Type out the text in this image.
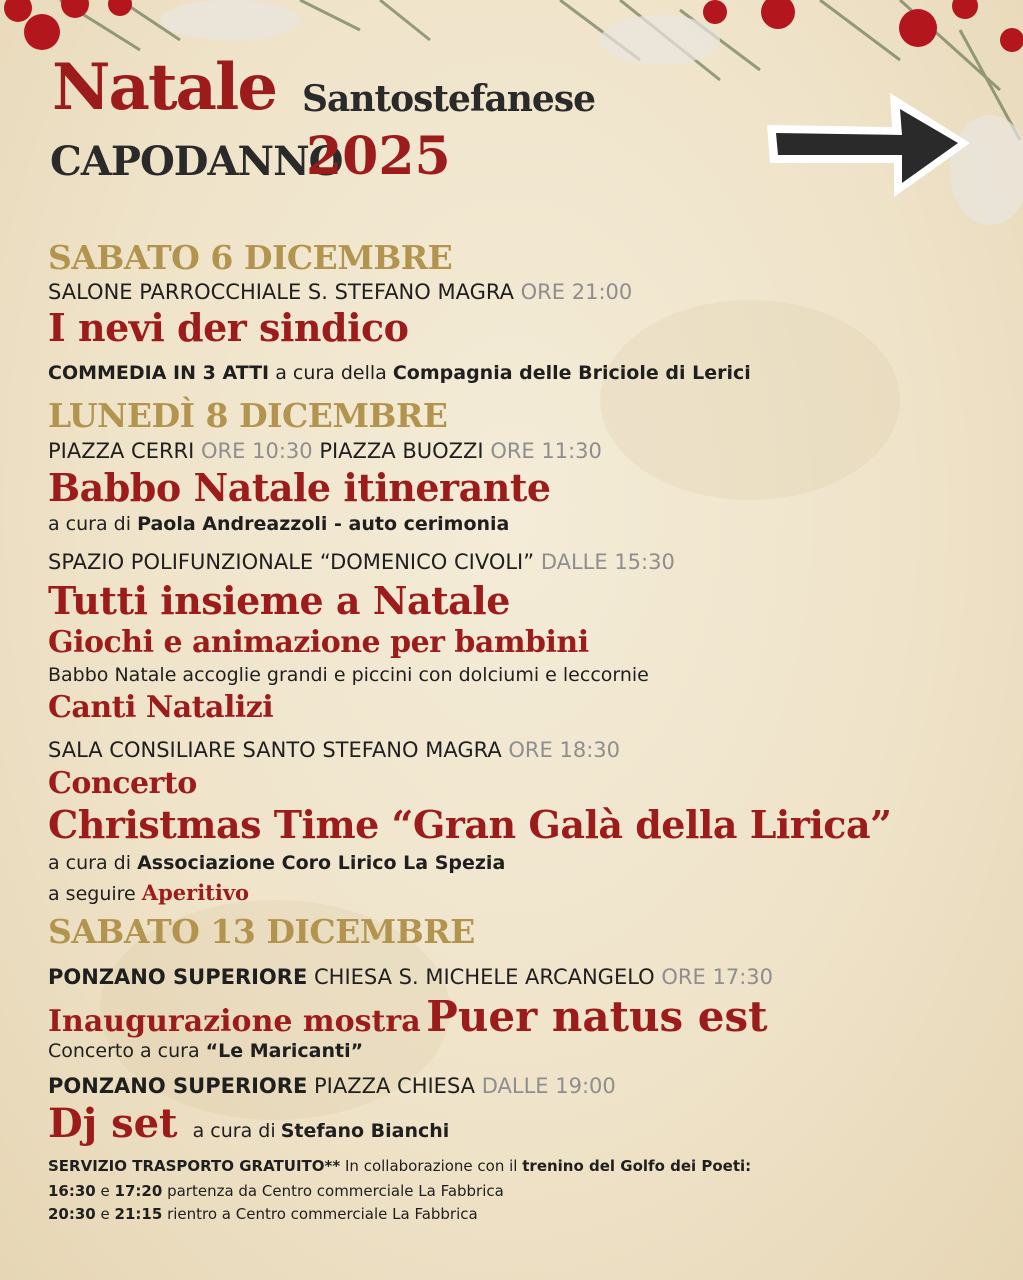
Natale Santostefanese
CAPODANNO
2025
SABATO 6 DICEMBRE
SALONE PARROCCHIALE S. STEFANO MAGRA ORE 21:00
I nevi der sindico
COMMEDIA IN 3 ATTI a cura della Compagnia delle Briciole di Lerici
LUNEDÌ 8 DICEMBRE
PIAZZA CERRI ORE 10:30 PIAZZA BUOZZI ORE 11:30
Babbo Natale itinerante
a cura di Paola Andreazzoli - auto cerimonia
SPAZIO POLIFUNZIONALE “DOMENICO CIVOLI” DALLE 15:30
Tutti insieme a Natale
Giochi e animazione per bambini
Babbo Natale accoglie grandi e piccini con dolciumi e leccornie
Canti Natalizi
SALA CONSILIARE SANTO STEFANO MAGRA ORE 18:30
Concerto
Christmas Time “Gran Galà della Lirica”
a cura di Associazione Coro Lirico La Spezia
a seguire Aperitivo
SABATO 13 DICEMBRE
PONZANO SUPERIORE CHIESA S. MICHELE ARCANGELO ORE 17:30
Inaugurazione mostra Puer natus est
Concerto a cura “Le Maricanti”
PONZANO SUPERIORE PIAZZA CHIESA DALLE 19:00
Dj set a cura di Stefano Bianchi
SERVIZIO TRASPORTO GRATUITO** In collaborazione con il trenino del Golfo dei Poeti:
16:30 e 17:20 partenza da Centro commerciale La Fabbrica
20:30 e 21:15 rientro a Centro commerciale La Fabbrica
